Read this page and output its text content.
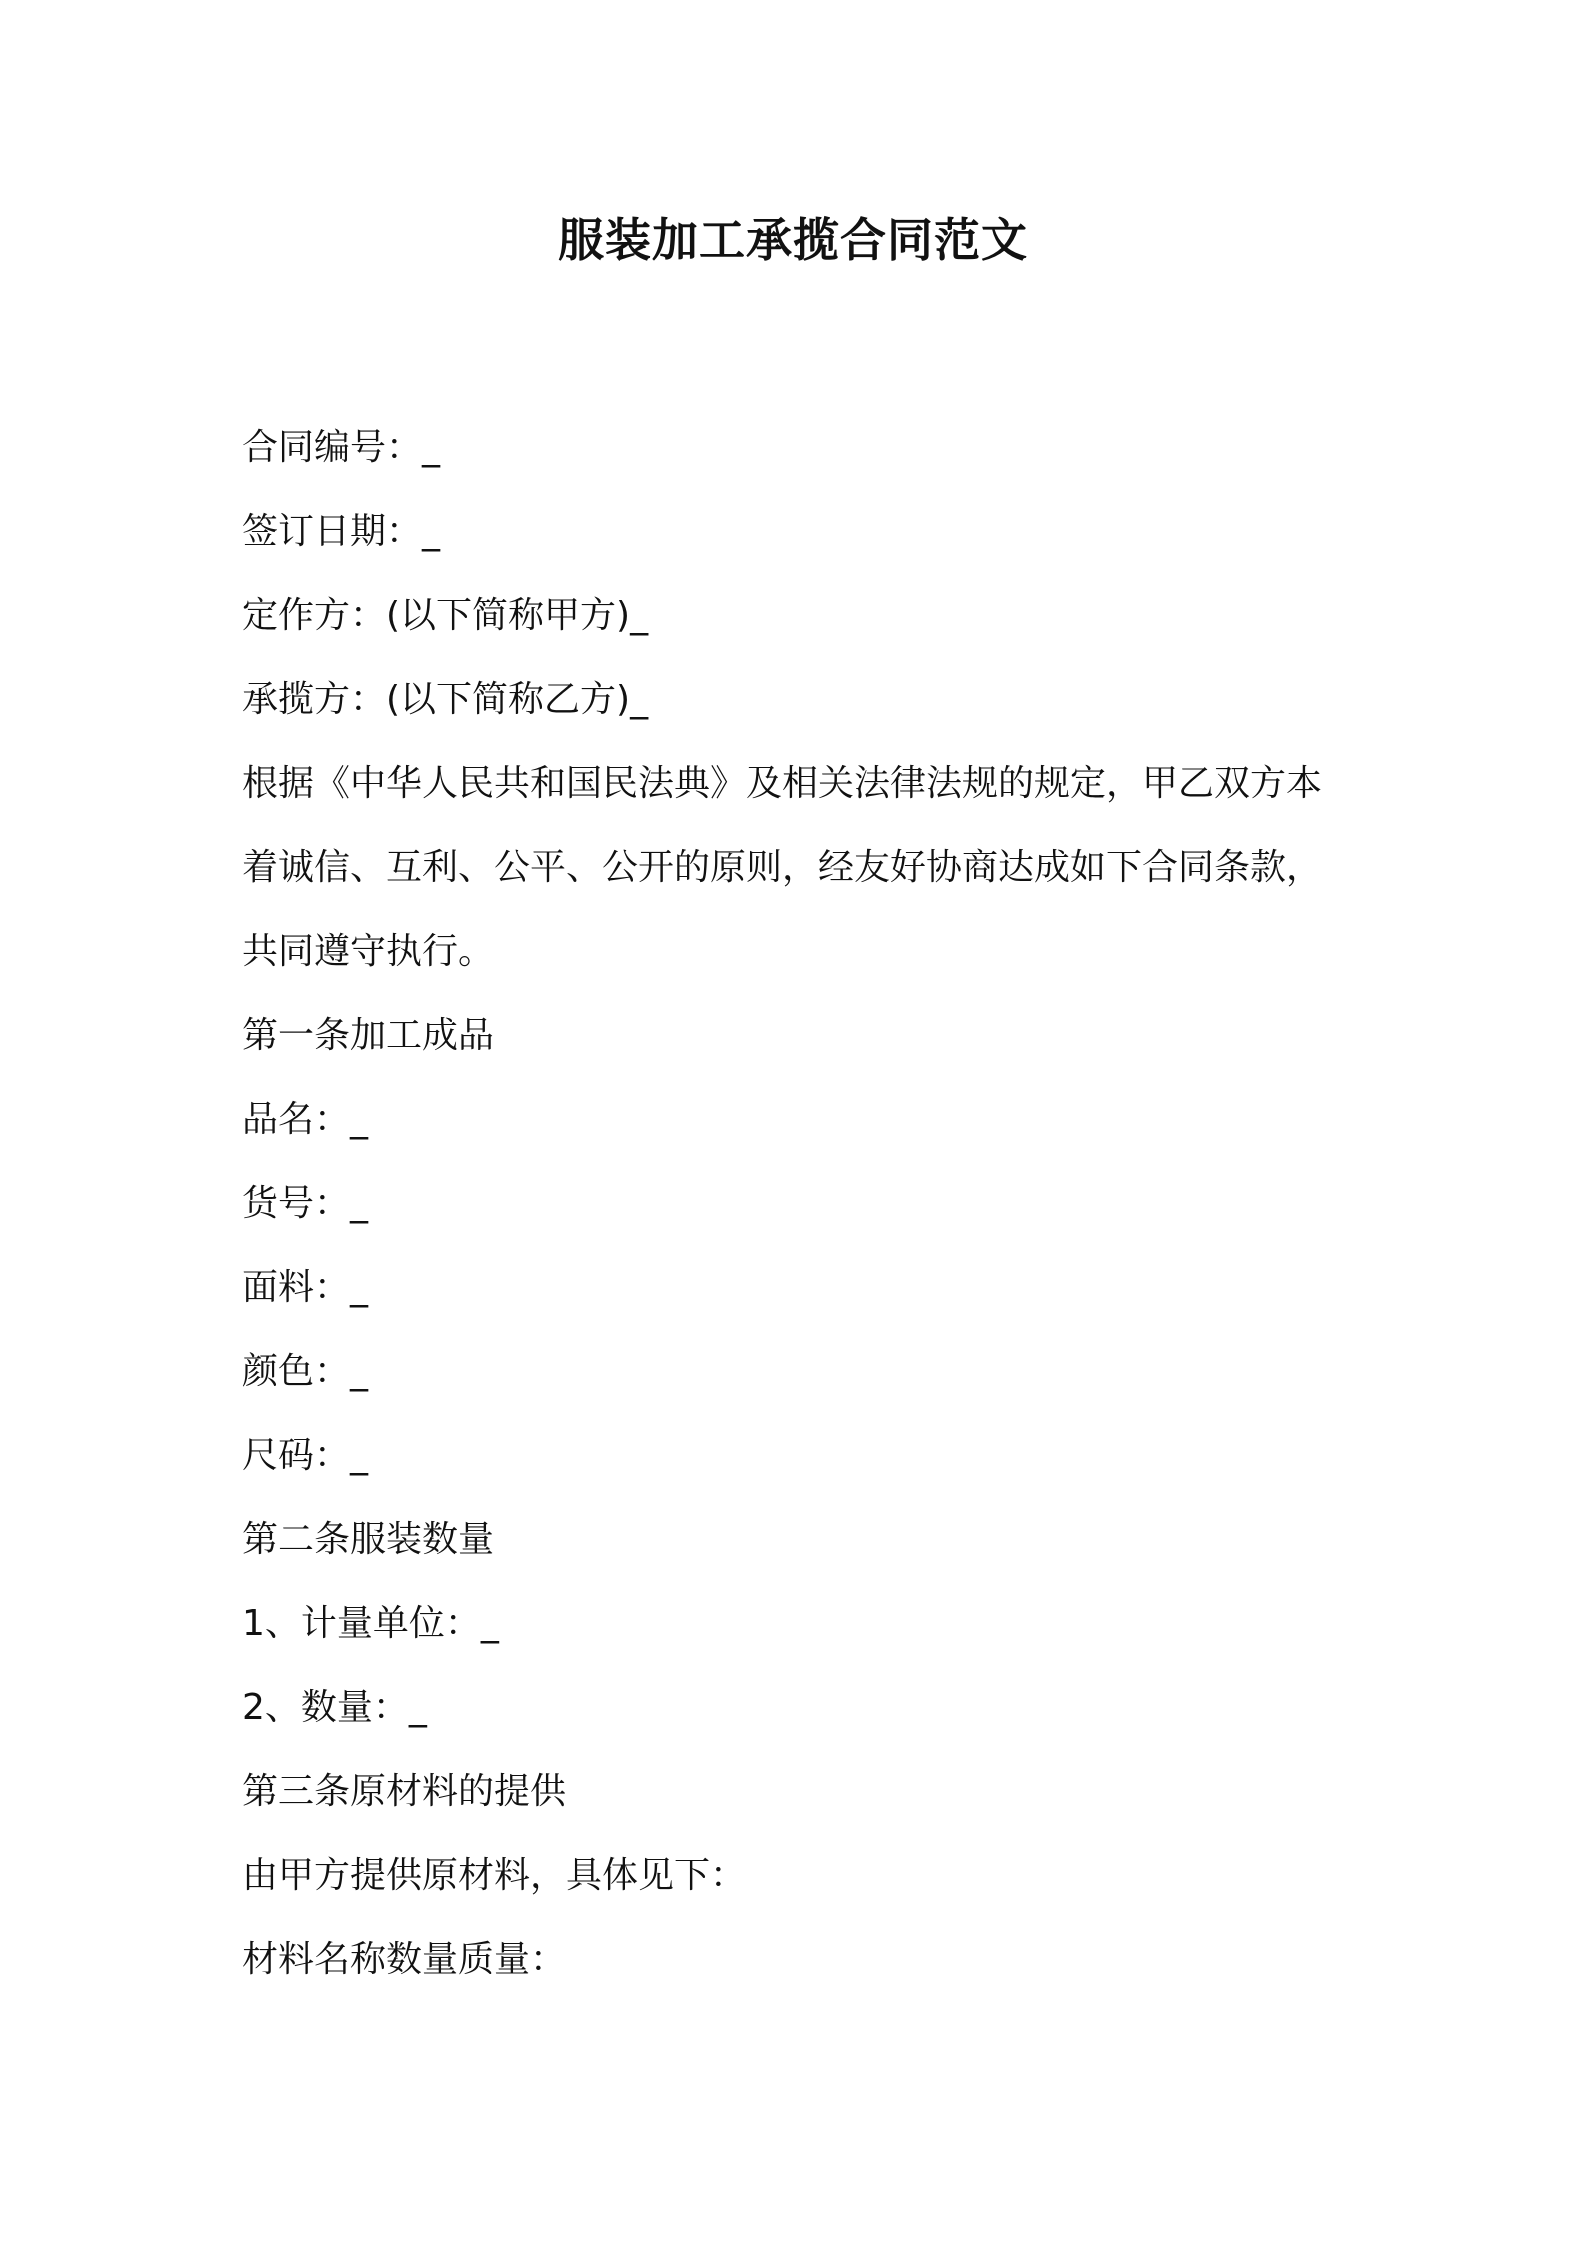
服装加工承揽合同范文
合同编号：_
签订日期：_
定作方：(以下简称甲方)_
承揽方：(以下简称乙方)_
根据《中华人民共和国民法典》及相关法律法规的规定，甲乙双方本
着诚信、互利、公平、公开的原则，经友好协商达成如下合同条款，
共同遵守执行。
第一条加工成品
品名：_
货号：_
面料：_
颜色：_
尺码：_
第二条服装数量
1、计量单位：_
2、数量：_
第三条原材料的提供
由甲方提供原材料，具体见下：
材料名称数量质量：
